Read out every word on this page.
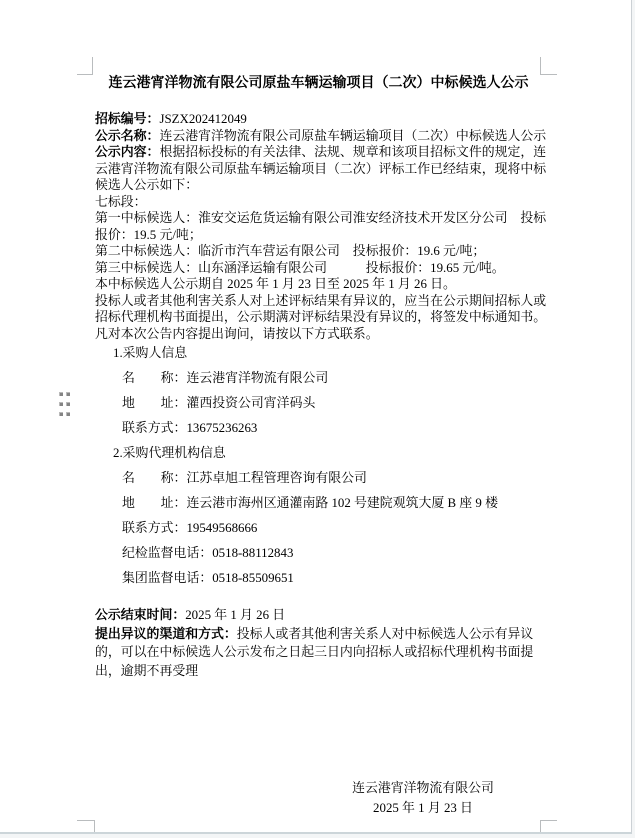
连云港宵洋物流有限公司原盐车辆运输项目（二次）中标候选人公示
招标编号：JSZX202412049
公示名称：连云港宵洋物流有限公司原盐车辆运输项目（二次）中标候选人公示
公示内容：根据招标投标的有关法律、法规、规章和该项目招标文件的规定，连
云港宵洋物流有限公司原盐车辆运输项目（二次）评标工作已经结束，现将中标
候选人公示如下：
七标段：
第一中标候选人：淮安交运危货运输有限公司淮安经济技术开发区分公司　投标
报价：19.5 元/吨；
第二中标候选人：临沂市汽车营运有限公司　投标报价：19.6 元/吨；
第三中标候选人：山东涵泽运输有限公司　　　投标报价：19.65 元/吨。
本中标候选人公示期自 2025 年 1 月 23 日至 2025 年 1 月 26 日。
投标人或者其他利害关系人对上述评标结果有异议的，应当在公示期间招标人或
招标代理机构书面提出，公示期满对评标结果没有异议的，将签发中标通知书。
凡对本次公告内容提出询问，请按以下方式联系。
1.采购人信息
名　　称：连云港宵洋物流有限公司
地　　址：灌西投资公司宵洋码头
联系方式：13675236263
2.采购代理机构信息
名　　称：江苏卓旭工程管理咨询有限公司
地　　址：连云港市海州区通灌南路 102 号建院观筑大厦 B 座 9 楼
联系方式：19549568666
纪检监督电话：0518-88112843
集团监督电话：0518-85509651
公示结束时间：2025 年 1 月 26 日
提出异议的渠道和方式：投标人或者其他利害关系人对中标候选人公示有异议
的，可以在中标候选人公示发布之日起三日内向招标人或招标代理机构书面提
出，逾期不再受理
连云港宵洋物流有限公司
2025 年 1 月 23 日
